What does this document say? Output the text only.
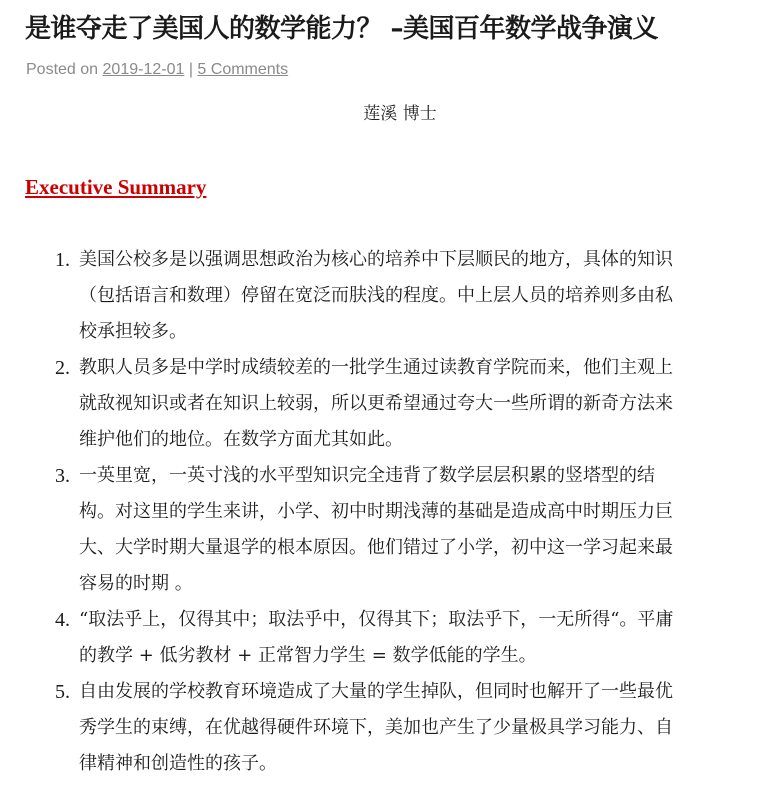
是谁夺走了美国人的数学能力？ –美国百年数学战争演义
Posted on 2019-12-01 | 5 Comments
莲溪 博士
Executive Summary
1. 美国公校多是以强调思想政治为核心的培养中下层顺民的地方，具体的知识
（包括语言和数理）停留在宽泛而肤浅的程度。中上层人员的培养则多由私
校承担较多。
2. 教职人员多是中学时成绩较差的一批学生通过读教育学院而来，他们主观上
就敌视知识或者在知识上较弱，所以更希望通过夸大一些所谓的新奇方法来
维护他们的地位。在数学方面尤其如此。
3. 一英里宽，一英寸浅的水平型知识完全违背了数学层层积累的竖塔型的结
构。对这里的学生来讲，小学、初中时期浅薄的基础是造成高中时期压力巨
大、大学时期大量退学的根本原因。他们错过了小学，初中这一学习起来最
容易的时期 。
4. “取法乎上，仅得其中；取法乎中，仅得其下；取法乎下，一无所得“。平庸
的教学 + 低劣教材 + 正常智力学生 = 数学低能的学生。
5. 自由发展的学校教育环境造成了大量的学生掉队，但同时也解开了一些最优
秀学生的束缚，在优越得硬件环境下，美加也产生了少量极具学习能力、自
律精神和创造性的孩子。
